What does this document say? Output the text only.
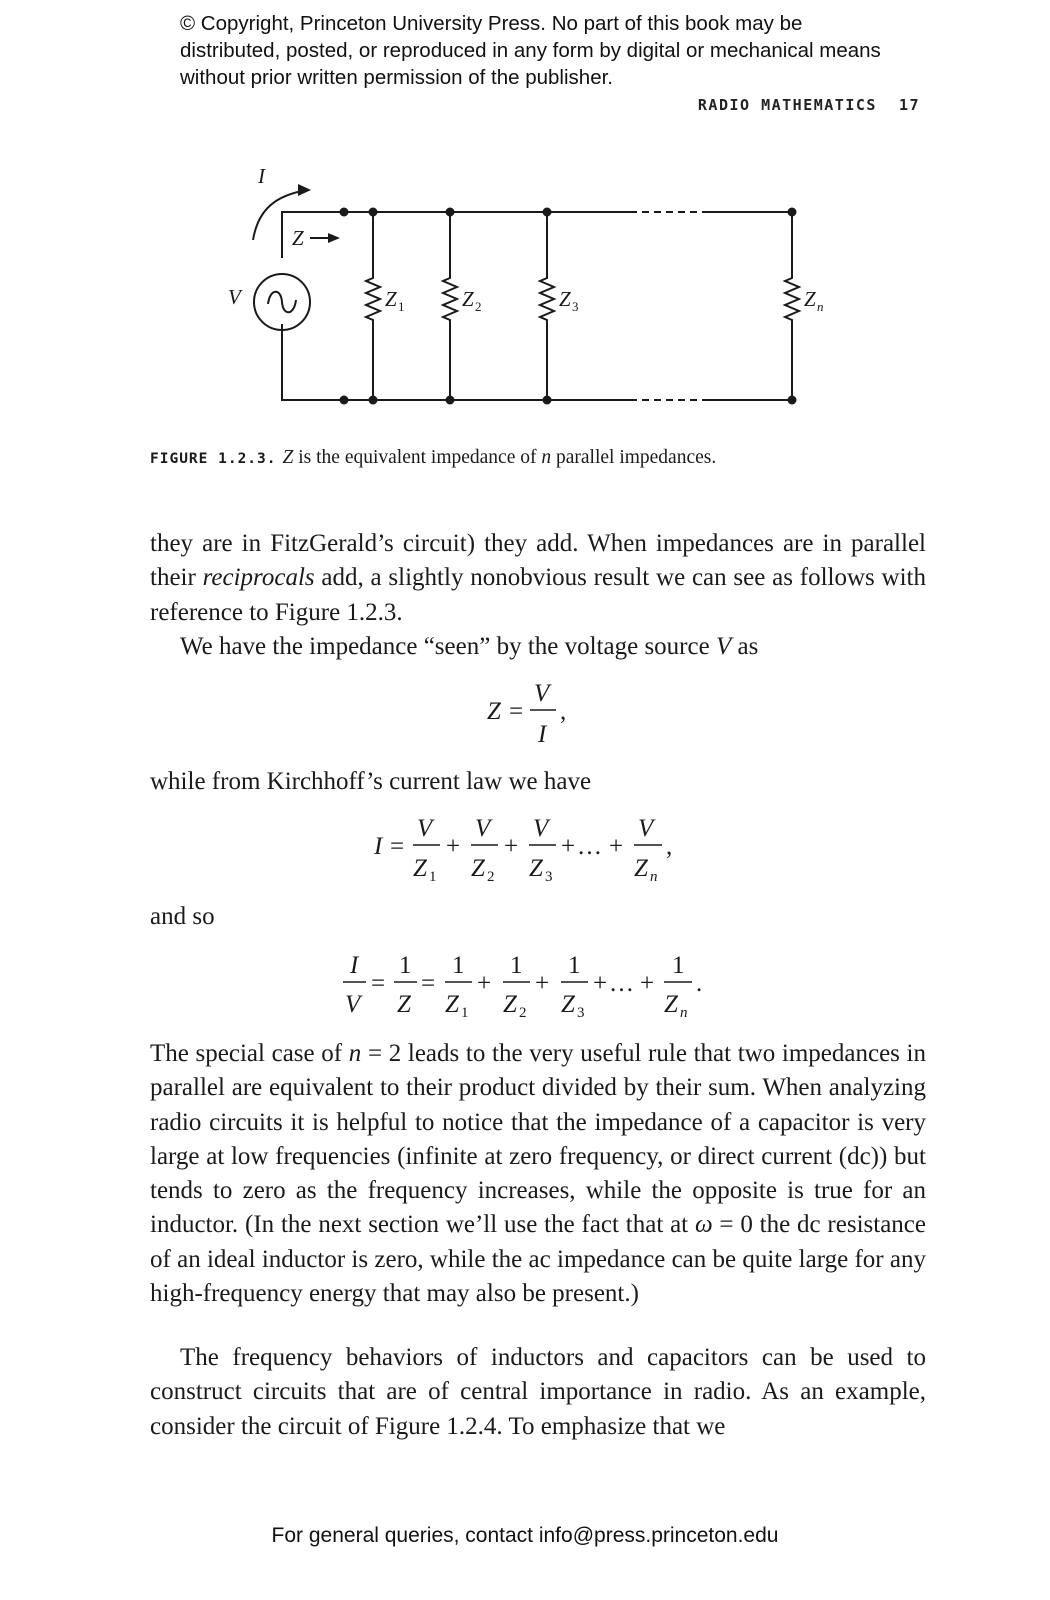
© Copyright, Princeton University Press. No part of this book may be distributed, posted, or reproduced in any form by digital or mechanical means without prior written permission of the publisher.
RADIO MATHEMATICS 17
I
Z
V	Z 1	Z 2	Z 3	Z n
FIGURE 1.2.3. Z is the equivalent impedance of n parallel impedances.

they are in FitzGerald’s circuit) they add. When impedances are in parallel their reciprocals add, a slightly nonobvious result we can see as follows with reference to Figure 1.2.3.

We have the impedance “seen” by the voltage source V as

while from Kirchhoff’s current law we have

and so

The special case of n = 2 leads to the very useful rule that two impedances in parallel are equivalent to their product divided by their sum. When analyzing radio circuits it is helpful to notice that the impedance of a capacitor is very large at low frequencies (infinite at zero frequency, or direct current (dc)) but tends to zero as the frequency increases, while the opposite is true for an inductor. (In the next section we’ll use the fact that at ω = 0 the dc resistance of an ideal inductor is zero, while the ac impedance can be quite large for any high-frequency energy that may also be present.)

The frequency behaviors of inductors and capacitors can be used to construct circuits that are of central importance in radio. As an example, consider the circuit of Figure 1.2.4. To emphasize that we

Z =
V
I
,
I =
V
Z 1
+
V
Z 2
+
V
Z 3
+ … +
V
Z n
,
I
V
=
1
Z
=
1
Z 1
+
1
Z 2
+
1
Z 3
+ … +
1
Z n
.
For general queries, contact info@press.princeton.edu
